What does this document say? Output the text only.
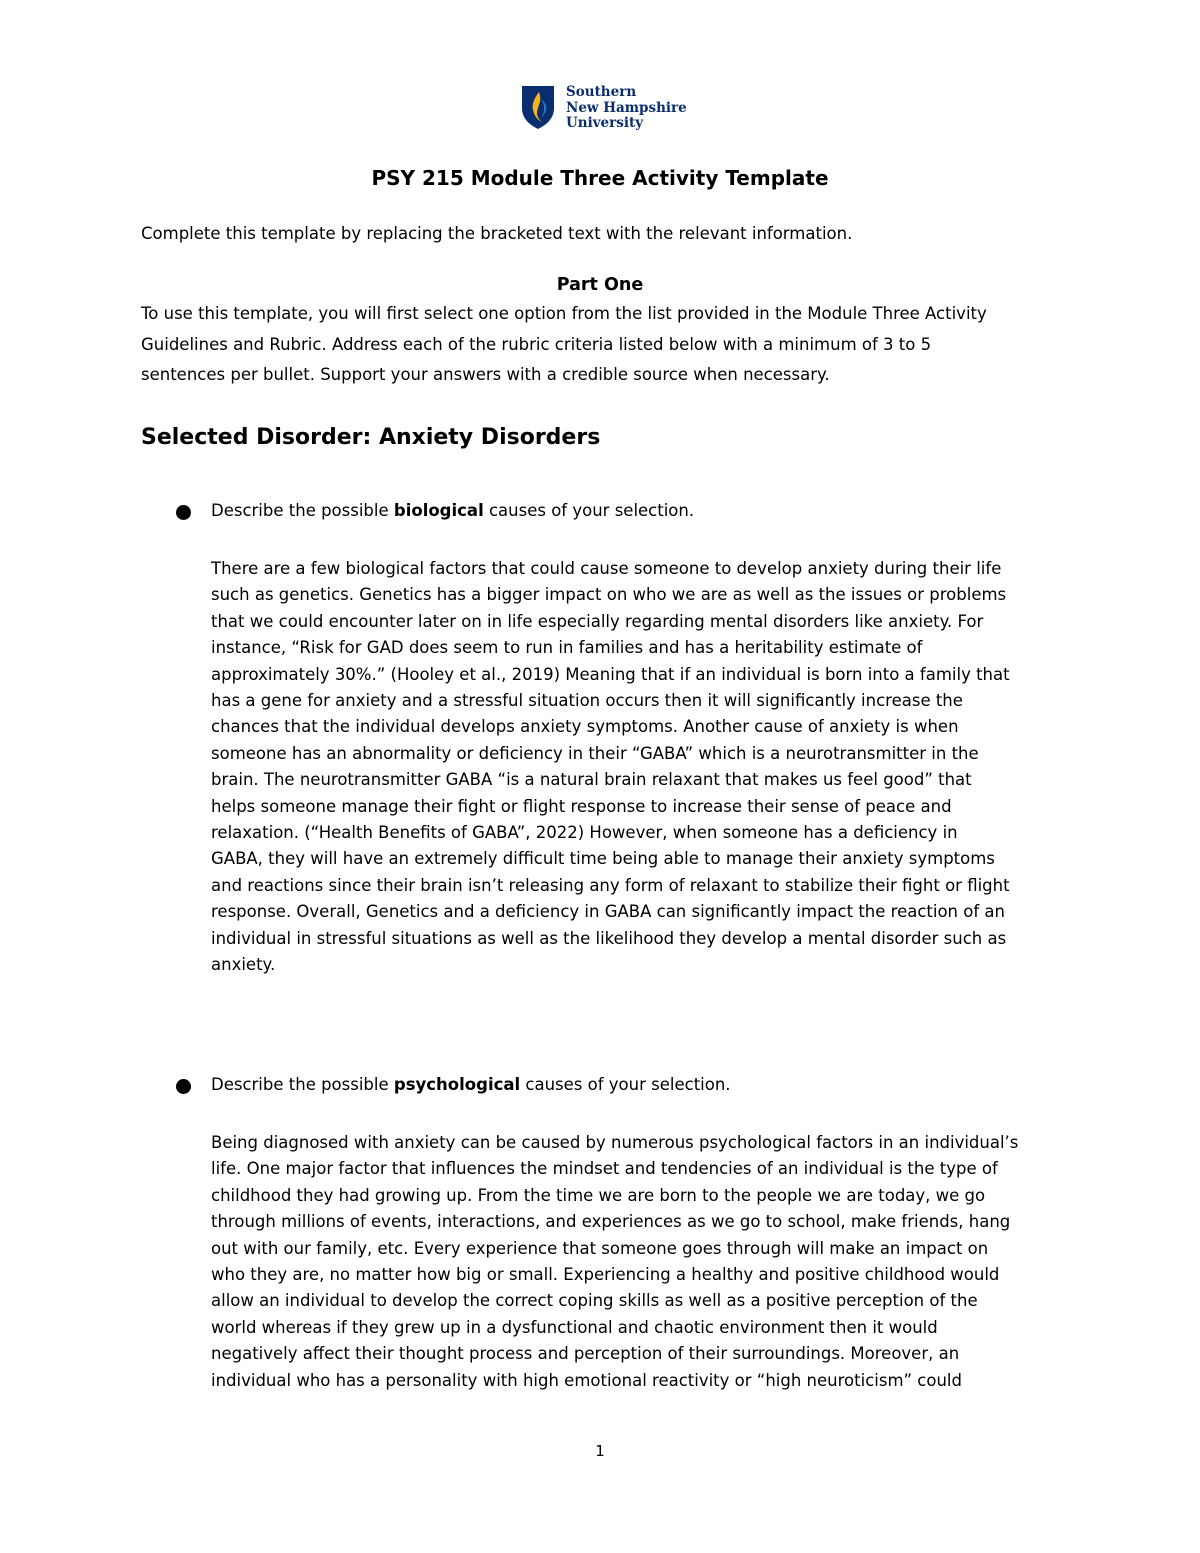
Southern
New Hampshire
University
PSY 215 Module Three Activity Template
Complete this template by replacing the bracketed text with the relevant information.
Part One
To use this template, you will first select one option from the list provided in the Module Three Activity
Guidelines and Rubric. Address each of the rubric criteria listed below with a minimum of 3 to 5
sentences per bullet. Support your answers with a credible source when necessary.
Selected Disorder: Anxiety Disorders
Describe the possible biological causes of your selection.
There are a few biological factors that could cause someone to develop anxiety during their life
such as genetics. Genetics has a bigger impact on who we are as well as the issues or problems
that we could encounter later on in life especially regarding mental disorders like anxiety. For
instance, “Risk for GAD does seem to run in families and has a heritability estimate of
approximately 30%.” (Hooley et al., 2019) Meaning that if an individual is born into a family that
has a gene for anxiety and a stressful situation occurs then it will significantly increase the
chances that the individual develops anxiety symptoms. Another cause of anxiety is when
someone has an abnormality or deficiency in their “GABA” which is a neurotransmitter in the
brain. The neurotransmitter GABA “is a natural brain relaxant that makes us feel good” that
helps someone manage their fight or flight response to increase their sense of peace and
relaxation. (“Health Benefits of GABA”, 2022) However, when someone has a deficiency in
GABA, they will have an extremely difficult time being able to manage their anxiety symptoms
and reactions since their brain isn’t releasing any form of relaxant to stabilize their fight or flight
response. Overall, Genetics and a deficiency in GABA can significantly impact the reaction of an
individual in stressful situations as well as the likelihood they develop a mental disorder such as
anxiety.
Describe the possible psychological causes of your selection.
Being diagnosed with anxiety can be caused by numerous psychological factors in an individual’s
life. One major factor that influences the mindset and tendencies of an individual is the type of
childhood they had growing up. From the time we are born to the people we are today, we go
through millions of events, interactions, and experiences as we go to school, make friends, hang
out with our family, etc. Every experience that someone goes through will make an impact on
who they are, no matter how big or small. Experiencing a healthy and positive childhood would
allow an individual to develop the correct coping skills as well as a positive perception of the
world whereas if they grew up in a dysfunctional and chaotic environment then it would
negatively affect their thought process and perception of their surroundings. Moreover, an
individual who has a personality with high emotional reactivity or “high neuroticism” could
1
